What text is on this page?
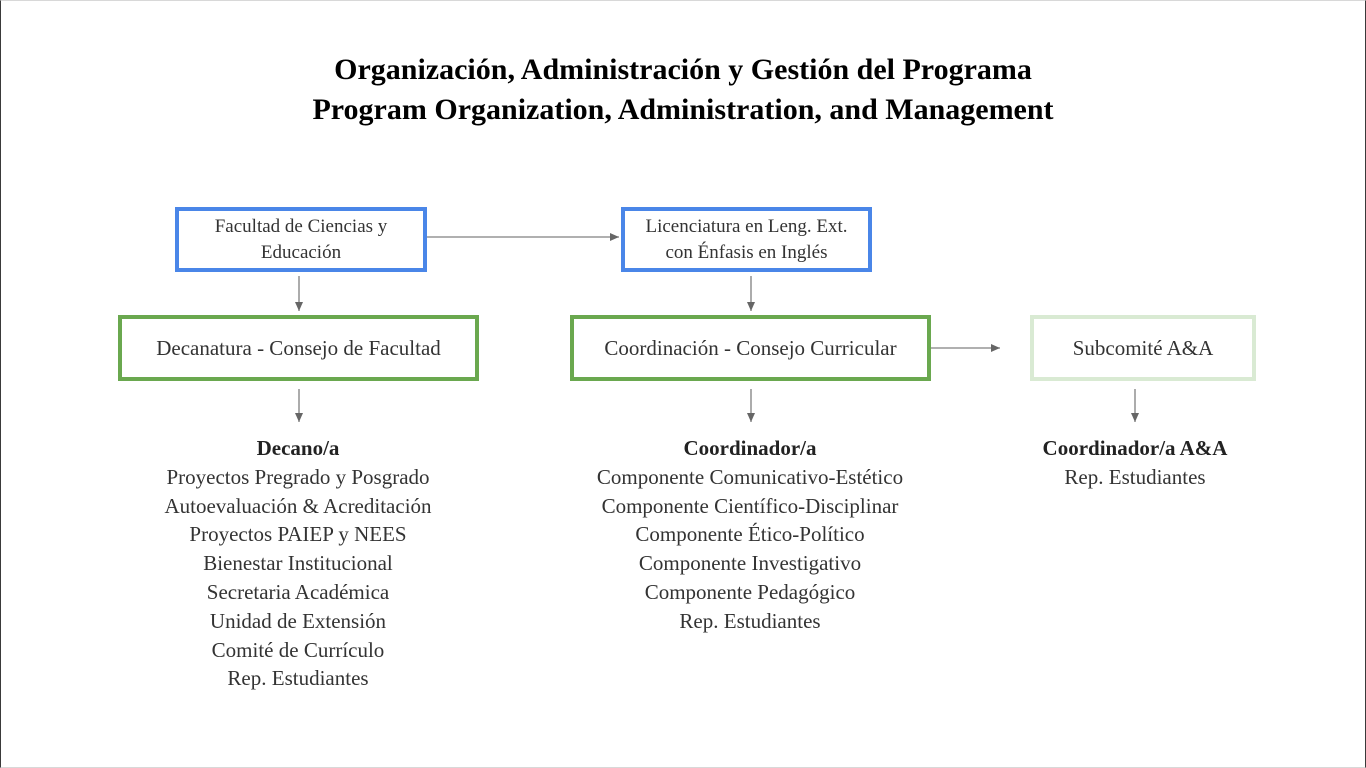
Organización, Administración y Gestión del Programa
Program Organization, Administration, and Management
Facultad de Ciencias y
Educación
Licenciatura en Leng. Ext.
con Énfasis en Inglés
Decanatura - Consejo de Facultad	Coordinación - Consejo Curricular	Subcomité A&A
Decano/a
Proyectos Pregrado y Posgrado
Autoevaluación & Acreditación
Proyectos PAIEP y NEES
Bienestar Institucional
Secretaria Académica
Unidad de Extensión
Comité de Currículo
Rep. Estudiantes
Coordinador/a
Componente Comunicativo-Estético
Componente Científico-Disciplinar
Componente Ético-Político
Componente Investigativo
Componente Pedagógico
Rep. Estudiantes
Coordinador/a A&A
Rep. Estudiantes
